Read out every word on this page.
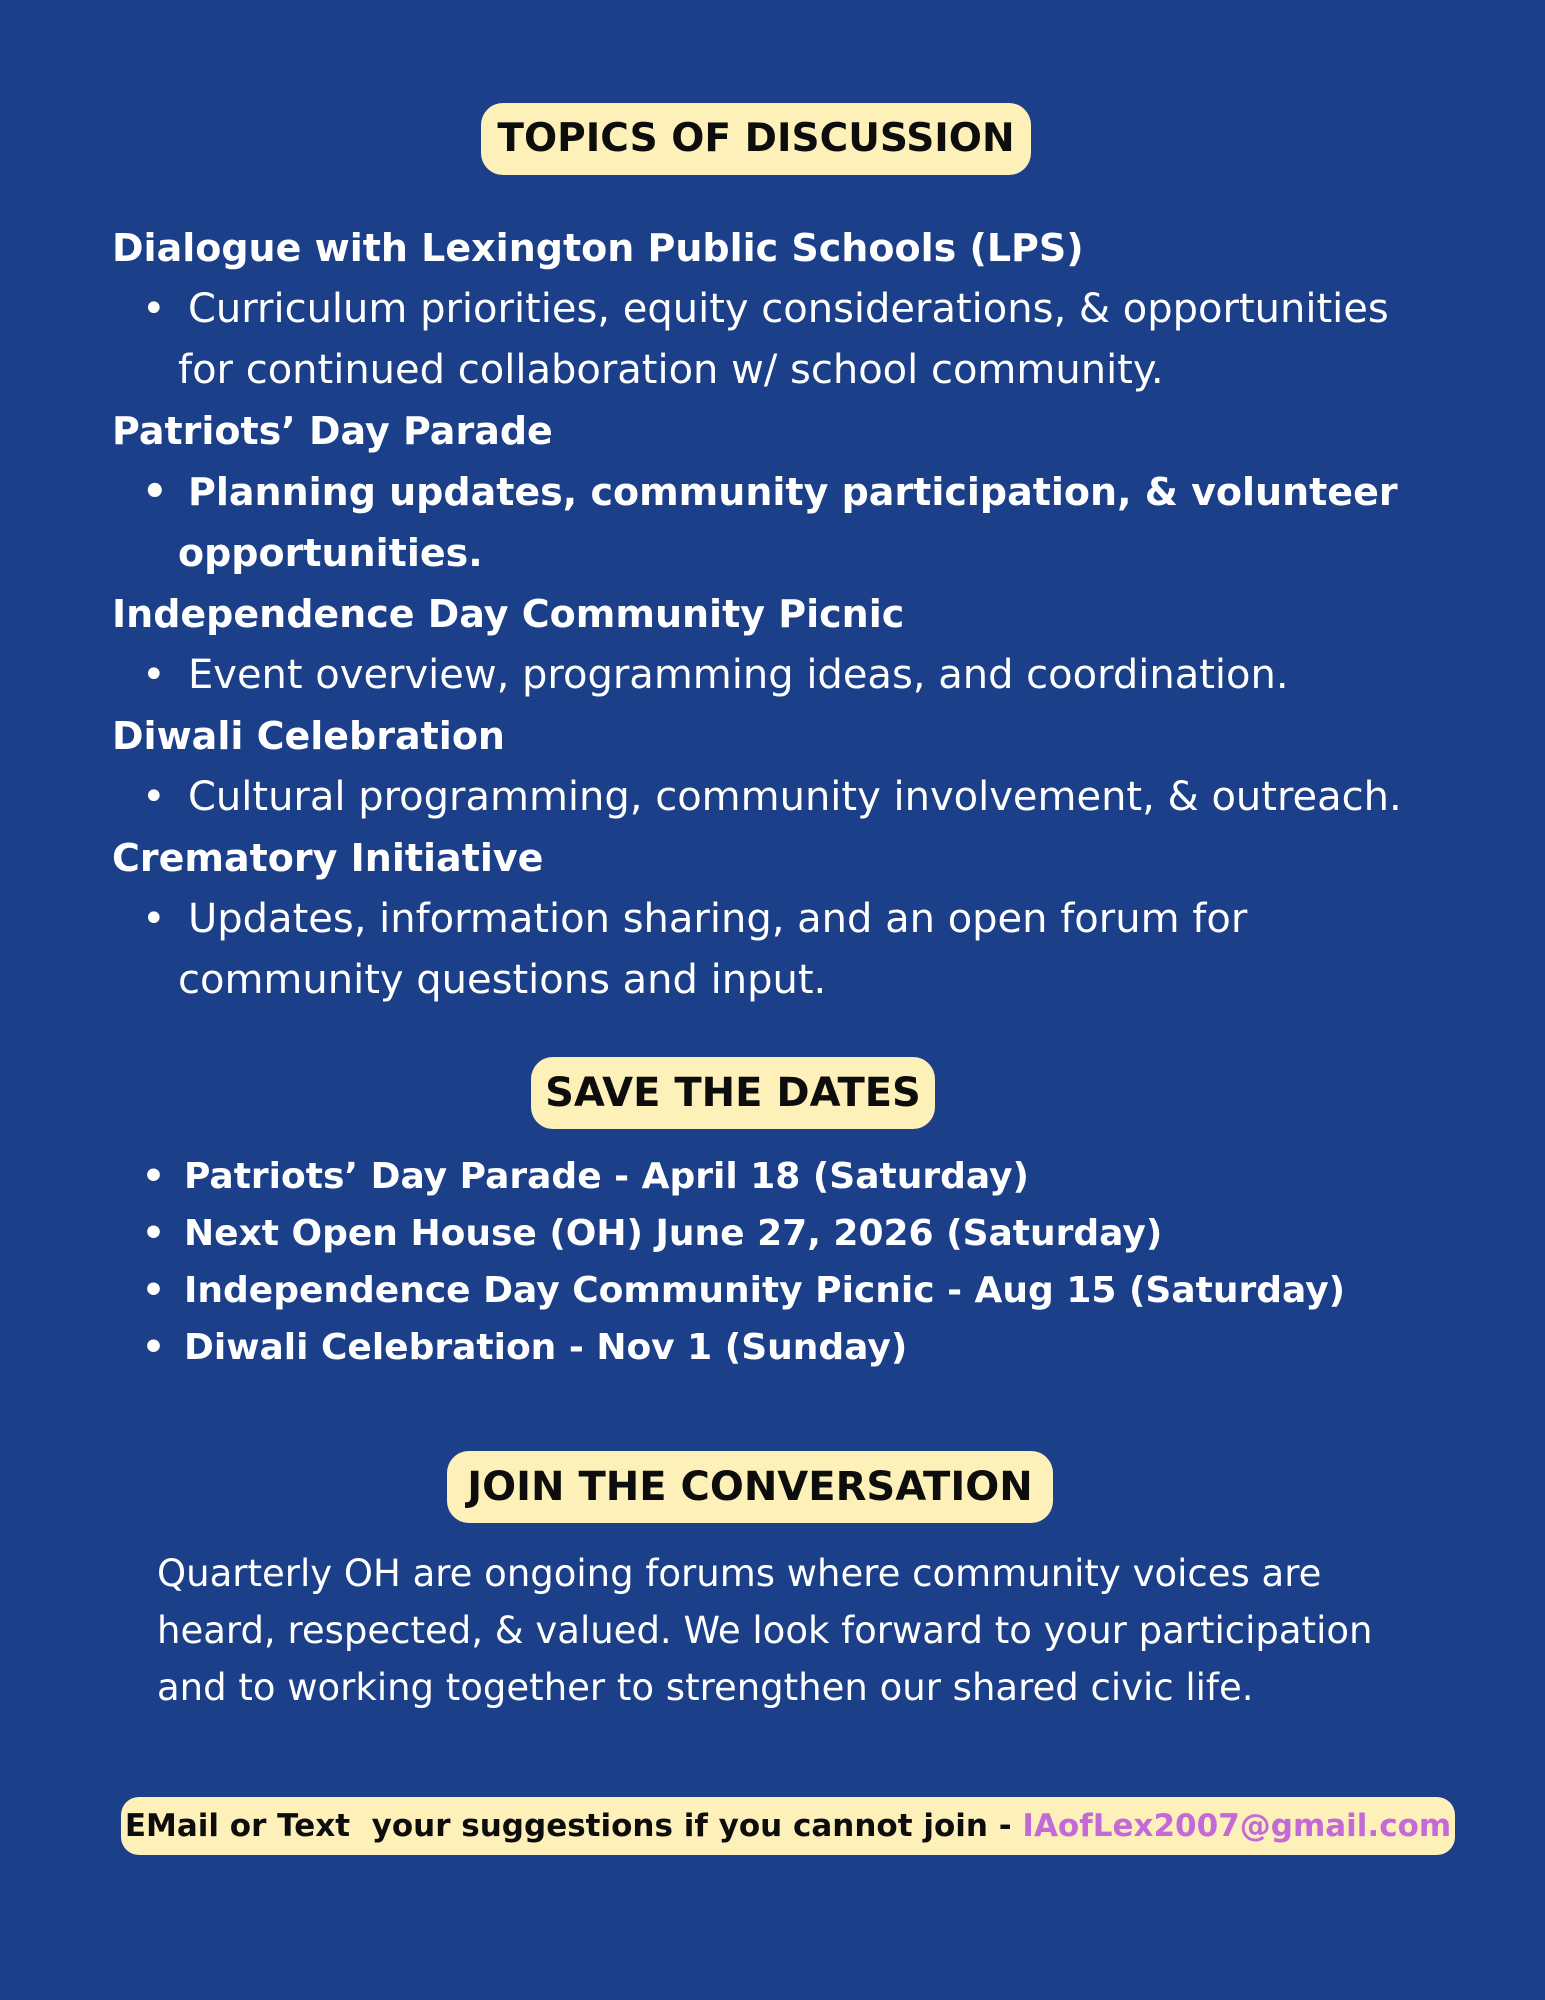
TOPICS OF DISCUSSION
Dialogue with Lexington Public Schools (LPS)
• Curriculum priorities, equity considerations, & opportunities
for continued collaboration w/ school community.
Patriots’ Day Parade
• Planning updates, community participation, & volunteer
opportunities.
Independence Day Community Picnic
• Event overview, programming ideas, and coordination.
Diwali Celebration
• Cultural programming, community involvement, & outreach.
Crematory Initiative
• Updates, information sharing, and an open forum for
community questions and input.
SAVE THE DATES
• Patriots’ Day Parade - April 18 (Saturday)
• Next Open House (OH) June 27, 2026 (Saturday)
• Independence Day Community Picnic - Aug 15 (Saturday)
• Diwali Celebration - Nov 1 (Sunday)
JOIN THE CONVERSATION
Quarterly OH are ongoing forums where community voices are
heard, respected, & valued. We look forward to your participation
and to working together to strengthen our shared civic life.
EMail or Text  your suggestions if you cannot join - IAofLex2007@gmail.com
